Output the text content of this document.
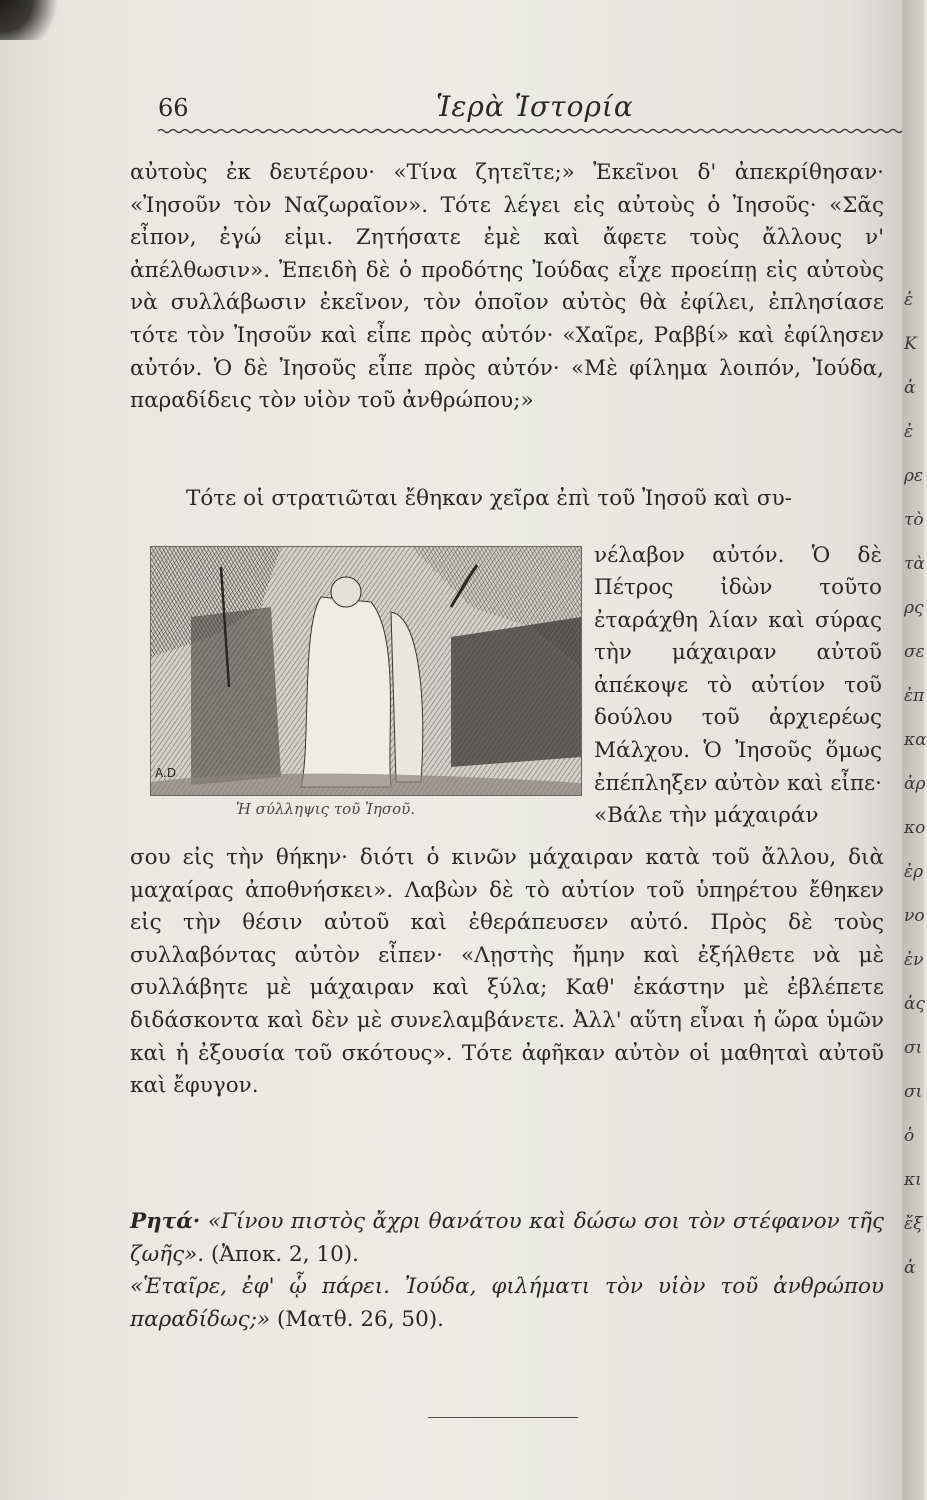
ἐ
Κ
ἀ
ἐ
ρε
τὸ
τὰ
ρς
σε
ἐπ
κα
ἀρ
κο
ἐρ
νο
ἐν
ἀς
σι
σι
ὁ
κι
ἔξ
ἀ
66	Ἱερὰ Ἱστορία

αὐτοὺς ἐκ δευτέρου· «Τίνα ζητεῖτε;» Ἐκεῖνοι δ' ἀπεκρίθησαν· «Ἰησοῦν τὸν Ναζωραῖον». Τότε λέγει εἰς αὐτοὺς ὁ Ἰησοῦς· «Σᾶς εἶπον, ἐγώ εἰμι. Ζητήσατε ἐμὲ καὶ ἄφετε τοὺς ἄλλους ν' ἀπέλθωσιν». Ἐπειδὴ δὲ ὁ προδότης Ἰούδας εἶχε προείπῃ εἰς αὐτοὺς νὰ συλλάβωσιν ἐκεῖνον, τὸν ὁποῖον αὐτὸς θὰ ἐφίλει, ἐπλησίασε τότε τὸν Ἰησοῦν καὶ εἶπε πρὸς αὐτόν· «Χαῖρε, Ραββί» καὶ ἐφίλησεν αὐτόν. Ὁ δὲ Ἰησοῦς εἶπε πρὸς αὐτόν· «Μὲ φίλημα λοιπόν, Ἰούδα, παραδίδεις τὸν υἱὸν τοῦ ἀνθρώπου;»

Τότε οἱ στρατιῶται ἔθηκαν χεῖρα ἐπὶ τοῦ Ἰησοῦ καὶ συ-

A.D
Ἡ σύλληψις τοῦ Ἰησοῦ.

νέλαβον αὐτόν. Ὁ δὲ Πέτρος ἰδὼν τοῦτο ἐταράχθη λίαν καὶ σύρας τὴν μάχαιραν αὐτοῦ ἀπέκοψε τὸ αὐτίον τοῦ δούλου τοῦ ἀρχιερέως Μάλχου. Ὁ Ἰησοῦς ὅμως ἐπέπληξεν αὐτὸν καὶ εἶπε· «Βάλε τὴν μάχαιράν

σου εἰς τὴν θήκην· διότι ὁ κινῶν μάχαιραν κατὰ τοῦ ἄλλου, διὰ μαχαίρας ἀποθνήσκει». Λαβὼν δὲ τὸ αὐτίον τοῦ ὑπηρέτου ἔθηκεν εἰς τὴν θέσιν αὐτοῦ καὶ ἐθεράπευσεν αὐτό. Πρὸς δὲ τοὺς συλλαβόντας αὐτὸν εἶπεν· «Λῃστὴς ἤμην καὶ ἐξήλθετε νὰ μὲ συλλάβητε μὲ μάχαιραν καὶ ξύλα; Καθ' ἑκάστην μὲ ἐβλέπετε διδάσκοντα καὶ δὲν μὲ συνελαμβάνετε. Ἀλλ' αὕτη εἶναι ἡ ὥρα ὑμῶν καὶ ἡ ἐξουσία τοῦ σκότους». Τότε ἀφῆκαν αὐτὸν οἱ μαθηταὶ αὐτοῦ καὶ ἔφυγον.

Ρητά· «Γίνου πιστὸς ἄχρι θανάτου καὶ δώσω σοι τὸν στέφανον τῆς ζωῆς». (Ἀποκ. 2, 10).

«Ἑταῖρε, ἐφ' ᾧ πάρει. Ἰούδα, φιλήματι τὸν υἱὸν τοῦ ἀνθρώπου παραδίδως;» (Ματθ. 26, 50).
